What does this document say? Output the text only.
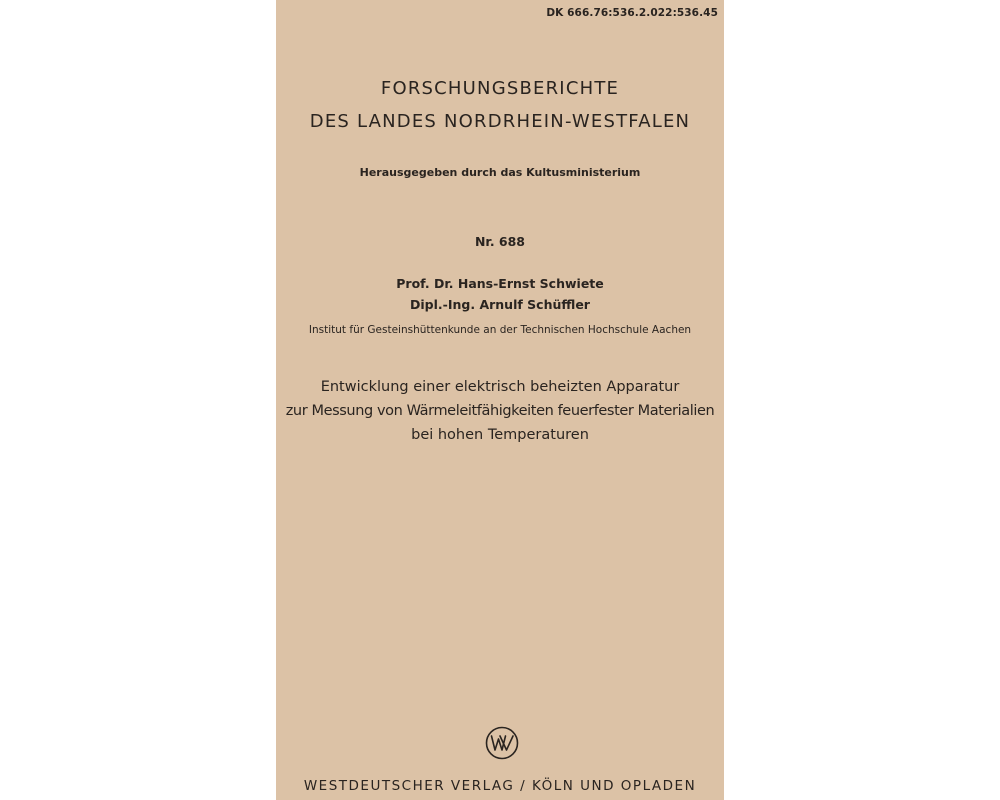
DK 666.76:536.2.022:536.45
FORSCHUNGSBERICHTE
DES LANDES NORDRHEIN-WESTFALEN
Herausgegeben durch das Kultusministerium
Nr. 688
Prof. Dr. Hans-Ernst Schwiete
Dipl.-Ing. Arnulf Schüffler
Institut für Gesteinshüttenkunde an der Technischen Hochschule Aachen
Entwicklung einer elektrisch beheizten Apparatur
zur Messung von Wärmeleitfähigkeiten feuerfester Materialien
bei hohen Temperaturen
WESTDEUTSCHER VERLAG / KÖLN UND OPLADEN
